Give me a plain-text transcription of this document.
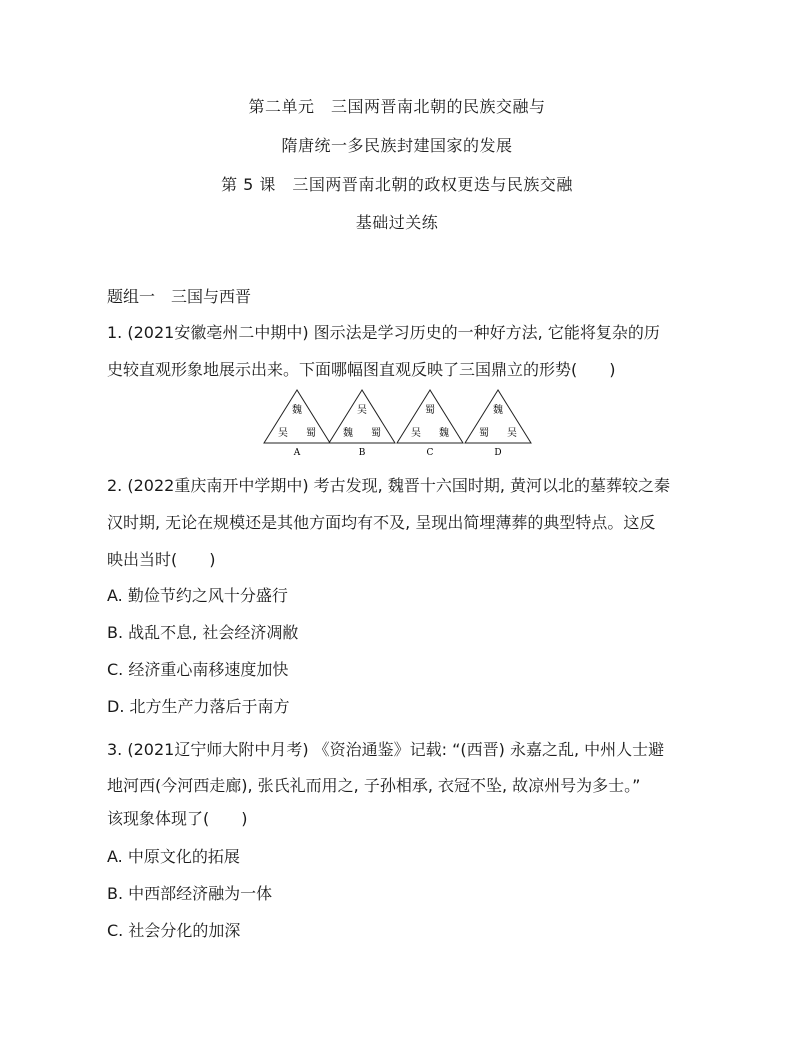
第二单元　三国两晋南北朝的民族交融与
隋唐统一多民族封建国家的发展
第 5 课　三国两晋南北朝的政权更迭与民族交融
基础过关练
题组一　三国与西晋
1. (2021安徽亳州二中期中) 图示法是学习历史的一种好方法, 它能将复杂的历
史较直观形象地展示出来。下面哪幅图直观反映了三国鼎立的形势(　　)
魏
吴 蜀
A
吴
魏 蜀
B
蜀
吴 魏
C
魏
蜀 吴
D
2. (2022重庆南开中学期中) 考古发现, 魏晋十六国时期, 黄河以北的墓葬较之秦
汉时期, 无论在规模还是其他方面均有不及, 呈现出简埋薄葬的典型特点。这反
映出当时(　　)
A. 勤俭节约之风十分盛行
B. 战乱不息, 社会经济凋敝
C. 经济重心南移速度加快
D. 北方生产力落后于南方
3. (2021辽宁师大附中月考) 《资治通鉴》记载: “(西晋) 永嘉之乱, 中州人士避
地河西(今河西走廊), 张氏礼而用之, 子孙相承, 衣冠不坠, 故凉州号为多士。”
该现象体现了(　　)
A. 中原文化的拓展
B. 中西部经济融为一体
C. 社会分化的加深
